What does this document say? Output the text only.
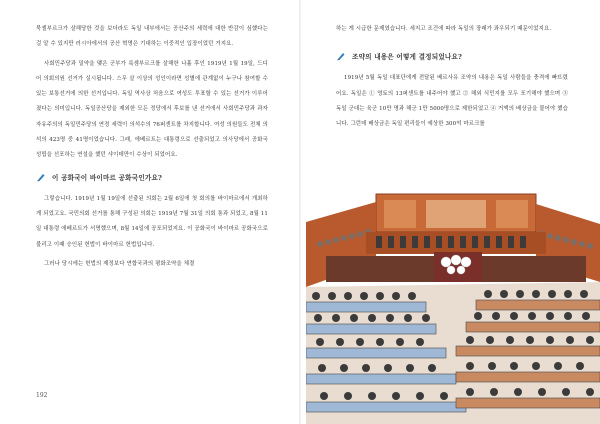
묵셀부르크가 살해당한 것을 보더라도 독일 내부에서는 공산주의 세력에 대한 반감이 심했다는 걸 알 수 있지만 러시아에서의 공산 혁명은 기대하는 이중적인 입장이었던 거지요.

사회민주당과 밀약을 맺은 군부가 룩셈부르크를 살해한 나흘 후인 1919년 1월 19일, 드디어 의회의원 선거가 실시됩니다. 스무 살 이상의 성인이라면 성별에 관계없이 누구나 참여할 수 있는 보통선거에 의한 선거입니다. 독일 역사상 처음으로 여성도 투표할 수 있는 선거가 이루어졌다는 의미입니다. 독일공산당을 제외한 모든 정당에서 후보를 낸 선거에서 사회민주당과 과자 자유주의의 독일민주당의 연정 세력이 의석수의 76퍼센트를 차지합니다. 여성 의원들도 전체 의석의 423명 중 41명이었습니다. 그래, 에베르트는 대통령으로 선출되었고 의사당에서 공화국 성립을 선포하는 연설을 했던 샤이데만이 수상이 되었어요.

이 공화국이 바이마르 공화국인가요?

그렇습니다. 1919년 1월 19일에 선출된 의회는 2월 6일에 첫 회의를 바이마르에서 개최하게 되었고요. 국민의회 선거를 통해 구성된 의회는 1919년 7월 31일 의회 통과 되었고, 8월 11일 대통령 에베르트가 서명했으며, 8월 14일에 공포되었지요. 이 공화국이 바이마르 공화국으로 불리고 이때 승인된 헌법이 바이마르 헌법입니다.

그러나 당시에는 헌법의 제정보다 연합국과의 평화조약을 체결

192

하는 게 시급한 문제였습니다. 세지고 조건에 따라 독일의 장래가 좌우되기 때문이었지요.

조약의 내용은 어떻게 결정되었나요?

1919년 5월 독일 대표단에게 전달된 베르사유 조약의 내용은 독일 사람들을 충격에 빠뜨렸어요. 독일은 ① 영토의 13퍼센트를 내주어야 했고 ② 해외 식민지를 모두 포기해야 했으며 ③ 독일 군대는 육군 10만 명과 해군 1만 5000명으로 제한되었고 ④ 거액의 배상금을 물어야 했습니다. 그런데 배상금은 독일 편리들이 예상한 300억 마르크를
